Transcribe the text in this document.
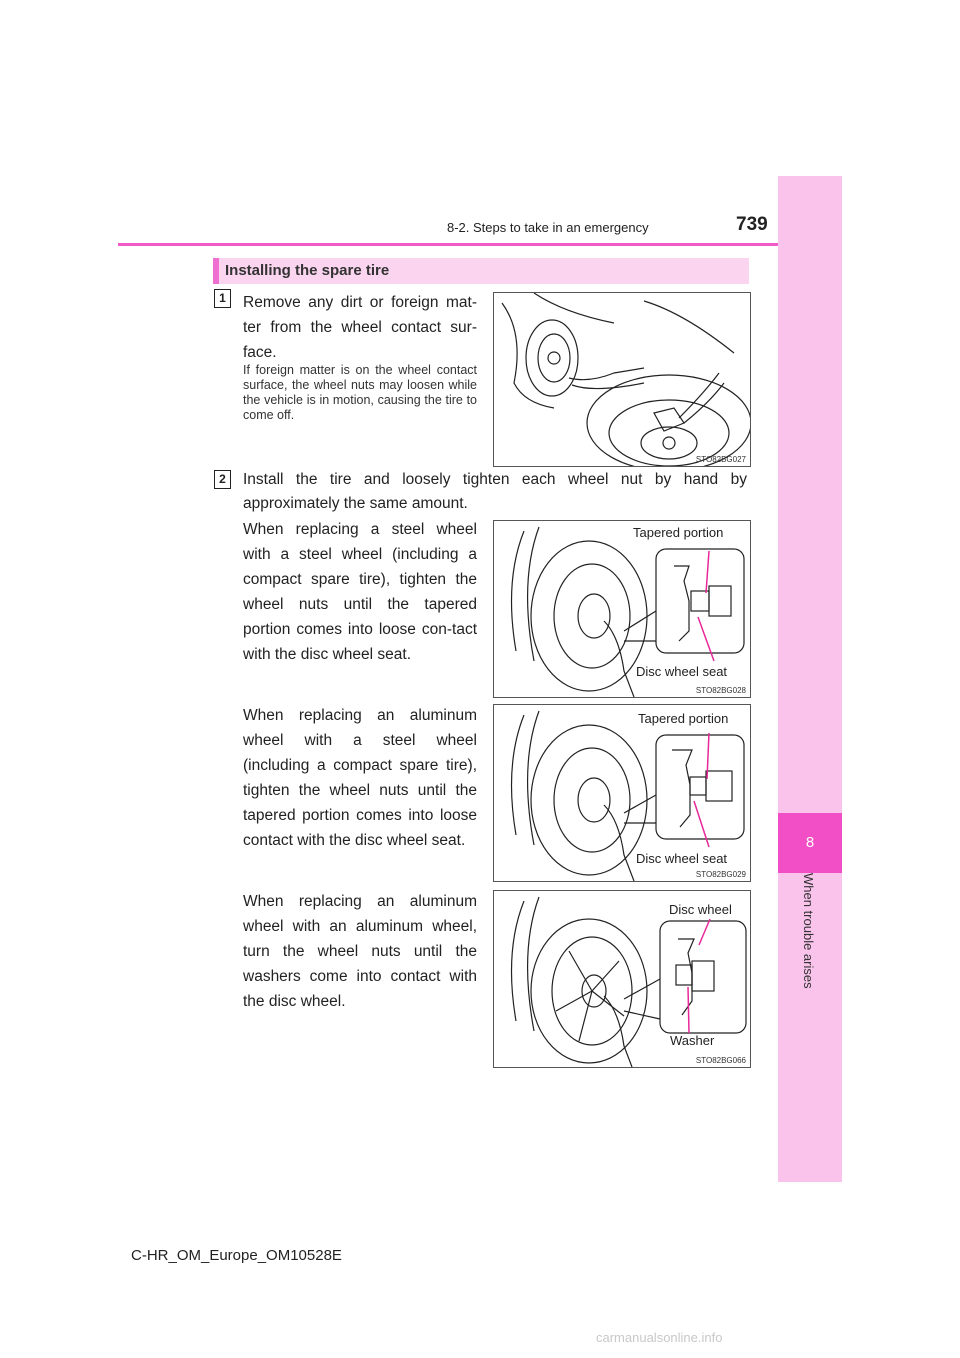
8
When trouble arises
8-2. Steps to take in an emergency	739
Installing the spare tire
1	Remove any dirt or foreign mat-ter from the wheel contact sur-face.
If foreign matter is on the wheel contact surface, the wheel nuts may loosen while the vehicle is in motion, causing the tire to come off.
STO82BG027
2	Install the tire and loosely tighten each wheel nut by hand by approximately the same amount.
When replacing a steel wheel with a steel wheel (including a compact spare tire), tighten the wheel nuts until the tapered portion comes into loose con-tact with the disc wheel seat.
Tapered portion
Disc wheel seat
STO82BG028
When replacing an aluminum wheel with a steel wheel (including a compact spare tire), tighten the wheel nuts until the tapered portion comes into loose contact with the disc wheel seat.
Tapered portion
Disc wheel seat
STO82BG029
When replacing an aluminum wheel with an aluminum wheel, turn the wheel nuts until the washers come into contact with the disc wheel.
Disc wheel
Washer
STO82BG066
C-HR_OM_Europe_OM10528E
carmanualsonline.info
